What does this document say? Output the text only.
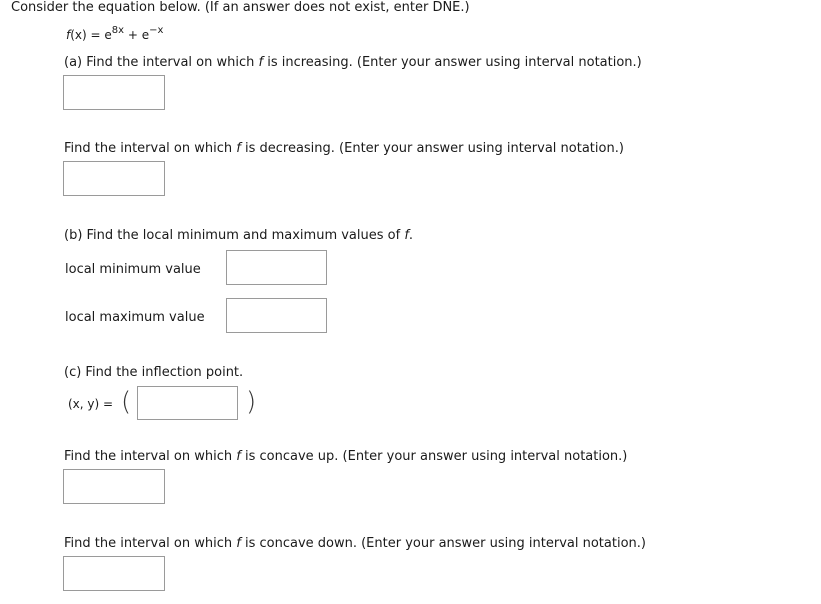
Consider the equation below. (If an answer does not exist, enter DNE.)
$f(x) = e^{8x} + e^{-x}$
(a) Find the interval on which f is increasing. (Enter your answer using interval notation.)
Find the interval on which f is decreasing. (Enter your answer using interval notation.)
(b) Find the local minimum and maximum values of f.
local minimum value
local maximum value
(c) Find the inflection point.
(x, y) = (	)
Find the interval on which f is concave up. (Enter your answer using interval notation.)
Find the interval on which f is concave down. (Enter your answer using interval notation.)
